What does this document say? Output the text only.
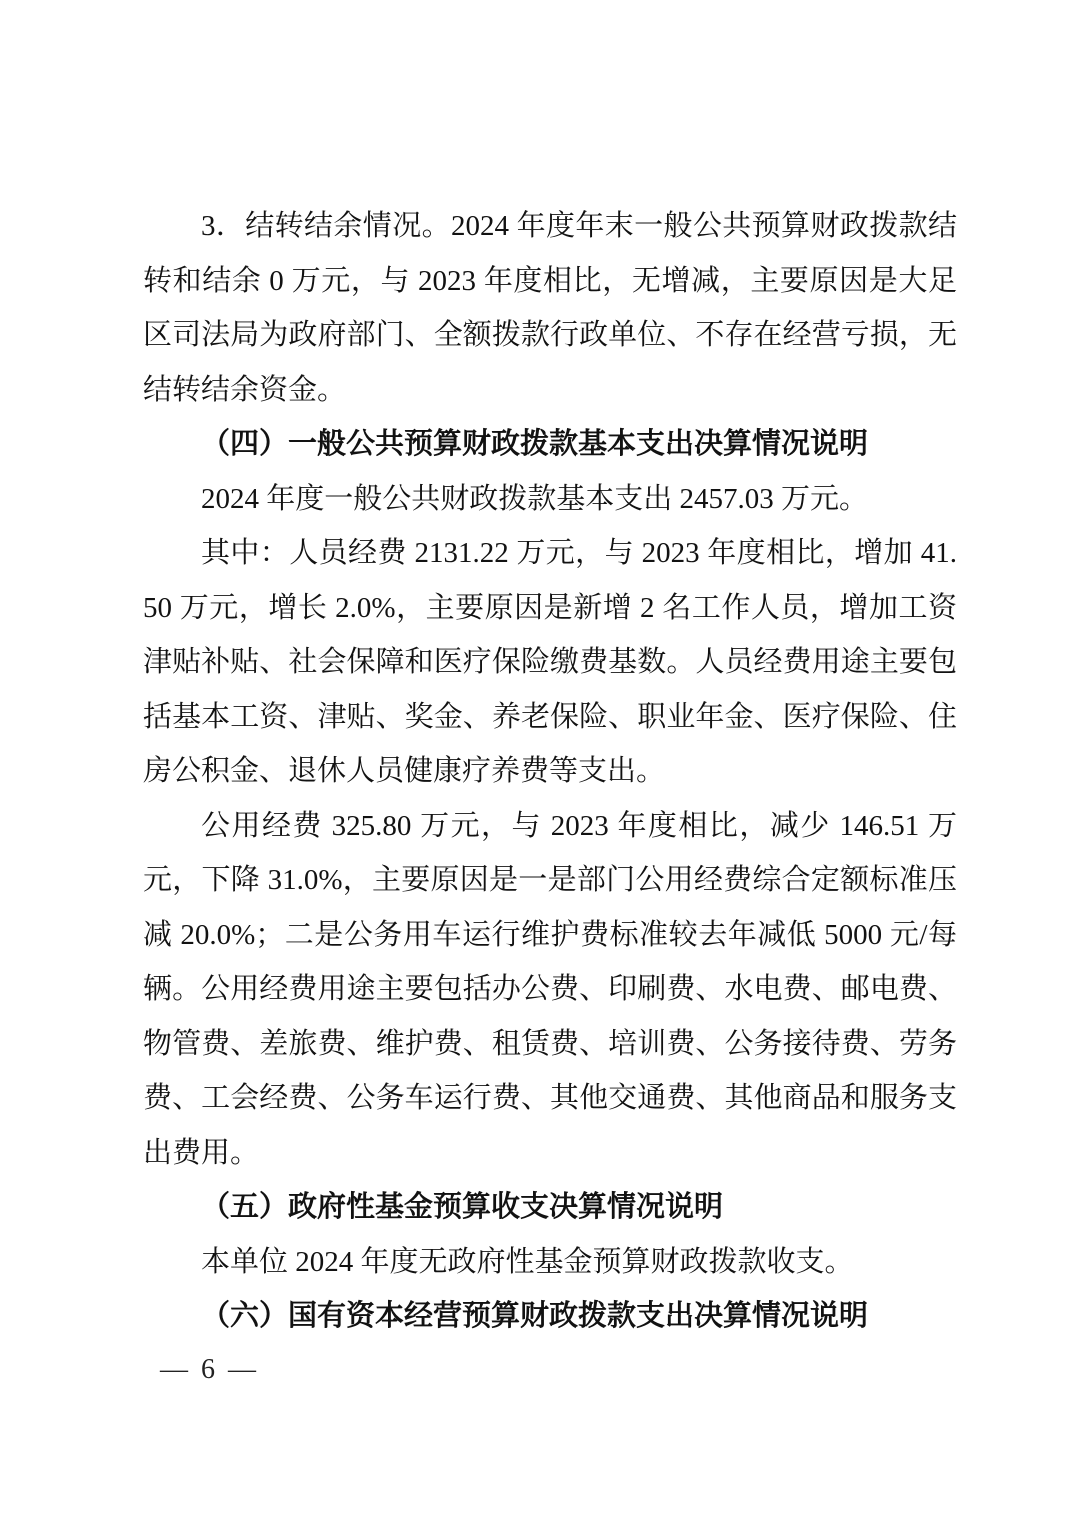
3．结转结余情况。2024 年度年末一般公共预算财政拨款结转和结余 0 万元，与 2023 年度相比，无增减，主要原因是大足区司法局为政府部门、全额拨款行政单位、不存在经营亏损，无结转结余资金。

（四）一般公共预算财政拨款基本支出决算情况说明

2024 年度一般公共财政拨款基本支出 2457.03 万元。

其中：人员经费 2131.22 万元，与 2023 年度相比，增加 41.50 万元，增长 2.0%，主要原因是新增 2 名工作人员，增加工资津贴补贴、社会保障和医疗保险缴费基数。人员经费用途主要包括基本工资、津贴、奖金、养老保险、职业年金、医疗保险、住房公积金、退休人员健康疗养费等支出。

公用经费 325.80 万元，与 2023 年度相比，减少 146.51 万元，下降 31.0%，主要原因是一是部门公用经费综合定额标准压减 20.0%；二是公务用车运行维护费标准较去年减低 5000 元/每辆。公用经费用途主要包括办公费、印刷费、水电费、邮电费、物管费、差旅费、维护费、租赁费、培训费、公务接待费、劳务费、工会经费、公务车运行费、其他交通费、其他商品和服务支出费用。

（五）政府性基金预算收支决算情况说明

本单位 2024 年度无政府性基金预算财政拨款收支。

（六）国有资本经营预算财政拨款支出决算情况说明

— 6 —
